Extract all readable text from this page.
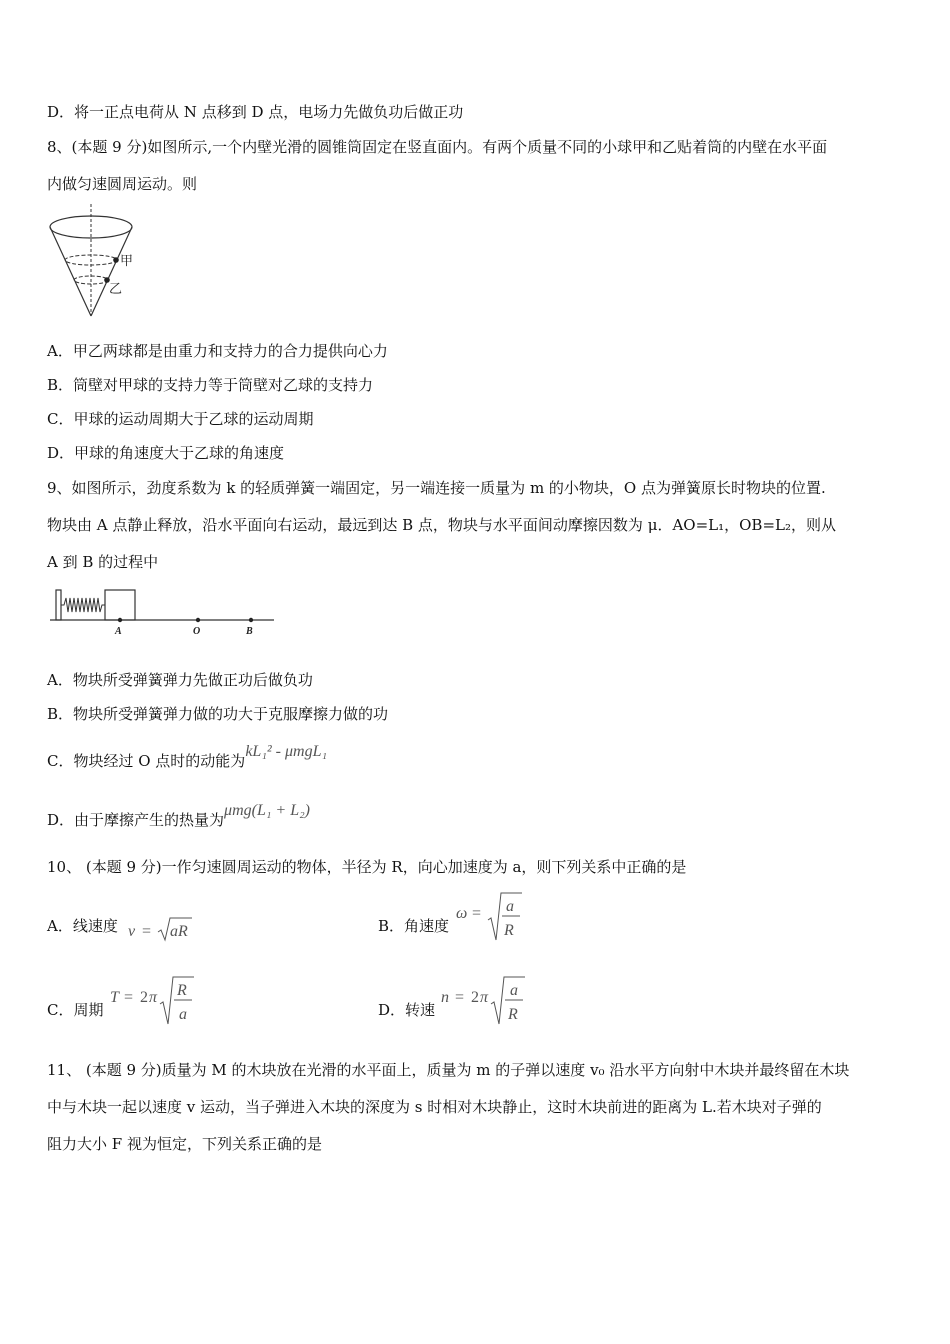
D．将一正点电荷从 N 点移到 D 点，电场力先做负功后做正功
8、(本题 9 分)如图所示,一个内壁光滑的圆锥筒固定在竖直面内。有两个质量不同的小球甲和乙贴着筒的内壁在水平面
内做匀速圆周运动。则
甲
乙
A．甲乙两球都是由重力和支持力的合力提供向心力
B．筒壁对甲球的支持力等于筒壁对乙球的支持力
C．甲球的运动周期大于乙球的运动周期
D．甲球的角速度大于乙球的角速度
9、如图所示，劲度系数为 k 的轻质弹簧一端固定，另一端连接一质量为 m 的小物块，O 点为弹簧原长时物块的位置.
物块由 A 点静止释放，沿水平面向右运动，最远到达 B 点，物块与水平面间动摩擦因数为 μ．AO=L₁，OB=L₂，则从
A 到 B 的过程中
A	O	B
A．物块所受弹簧弹力先做正功后做负功
B．物块所受弹簧弹力做的功大于克服摩擦力做的功
C．物块经过 O 点时的动能为kL₁² - μmgL₁
D．由于摩擦产生的热量为μmg(L₁ + L₂)
10、 (本题 9 分)一作匀速圆周运动的物体，半径为 R，向心加速度为 a，则下列关系中正确的是
A．线速度 v = aR	B．角速度
ω = a
R
C．周期
T = 2 π R
a	D．转速
n = 2 π a
R
11、 (本题 9 分)质量为 M 的木块放在光滑的水平面上，质量为 m 的子弹以速度 v₀ 沿水平方向射中木块并最终留在木块
中与木块一起以速度 v 运动，当子弹进入木块的深度为 s 时相对木块静止，这时木块前进的距离为 L.若木块对子弹的
阻力大小 F 视为恒定，下列关系正确的是
